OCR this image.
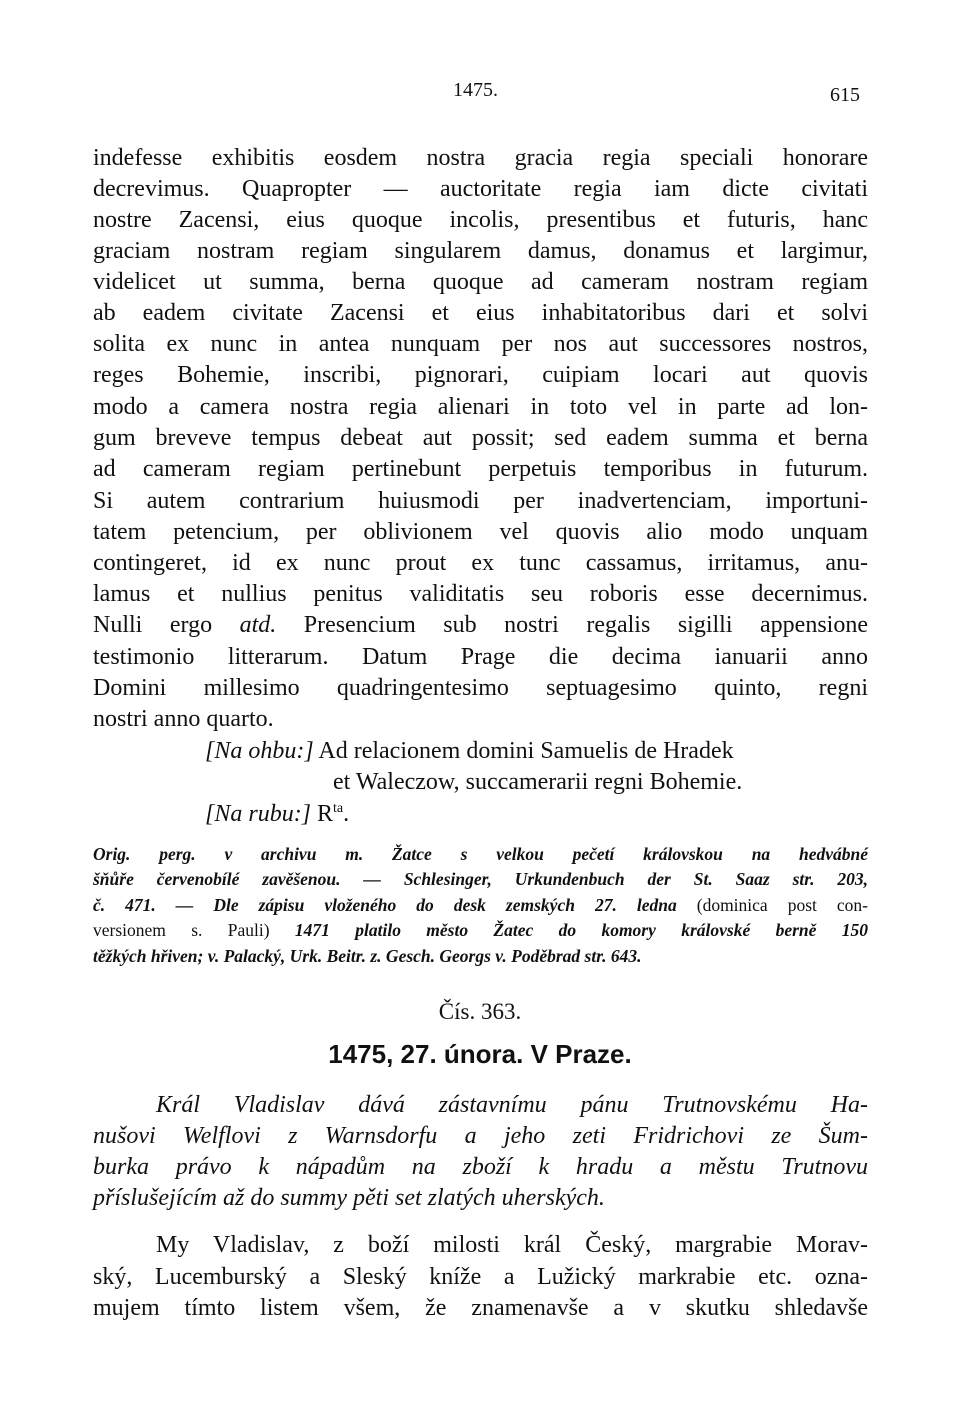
1475.	615
indefesse exhibitis eosdem nostra gracia regia speciali honorare
decrevimus. Quapropter — auctoritate regia iam dicte civitati
nostre Zacensi, eius quoque incolis, presentibus et futuris, hanc
graciam nostram regiam singularem damus, donamus et largimur,
videlicet ut summa, berna quoque ad cameram nostram regiam
ab eadem civitate Zacensi et eius inhabitatoribus dari et solvi
solita ex nunc in antea nunquam per nos aut successores nostros,
reges Bohemie, inscribi, pignorari, cuipiam locari aut quovis
modo a camera nostra regia alienari in toto vel in parte ad lon-
gum breveve tempus debeat aut possit; sed eadem summa et berna
ad cameram regiam pertinebunt perpetuis temporibus in futurum.
Si autem contrarium huiusmodi per inadvertenciam, importuni-
tatem petencium, per oblivionem vel quovis alio modo unquam
contingeret, id ex nunc prout ex tunc cassamus, irritamus, anu-
lamus et nullius penitus validitatis seu roboris esse decernimus.
Nulli ergo atd. Presencium sub nostri regalis sigilli appensione
testimonio litterarum. Datum Prage die decima ianuarii anno
Domini millesimo quadringentesimo septuagesimo quinto, regni
nostri anno quarto.
[Na ohbu:] Ad relacionem domini Samuelis de Hradek
et Waleczow, succamerarii regni Bohemie.
[Na rubu:] $R^{ta}$.
Orig. perg. v archivu m. Žatce s velkou pečetí královskou na hedvábné
šňůře červenobílé zavěšenou. — Schlesinger, Urkundenbuch der St. Saaz str. 203,
č. 471. — Dle zápisu vloženého do desk zemských 27. ledna (dominica post con-
versionem s. Pauli) 1471 platilo město Žatec do komory královské berně 150
těžkých hřiven; v. Palacký, Urk. Beitr. z. Gesch. Georgs v. Poděbrad str. 643.
Čís. 363.
1475, 27. února. V Praze.
Král Vladislav dává zástavnímu pánu Trutnovskému Ha-
nušovi Welflovi z Warnsdorfu a jeho zeti Fridrichovi ze Šum-
burka právo k nápadům na zboží k hradu a městu Trutnovu
příslušejícím až do summy pěti set zlatých uherských.
My Vladislav, z boží milosti král Český, margrabie Morav-
ský, Lucemburský a Sleský kníže a Lužický markrabie etc. ozna-
mujem tímto listem všem, že znamenavše a v skutku shledavše
